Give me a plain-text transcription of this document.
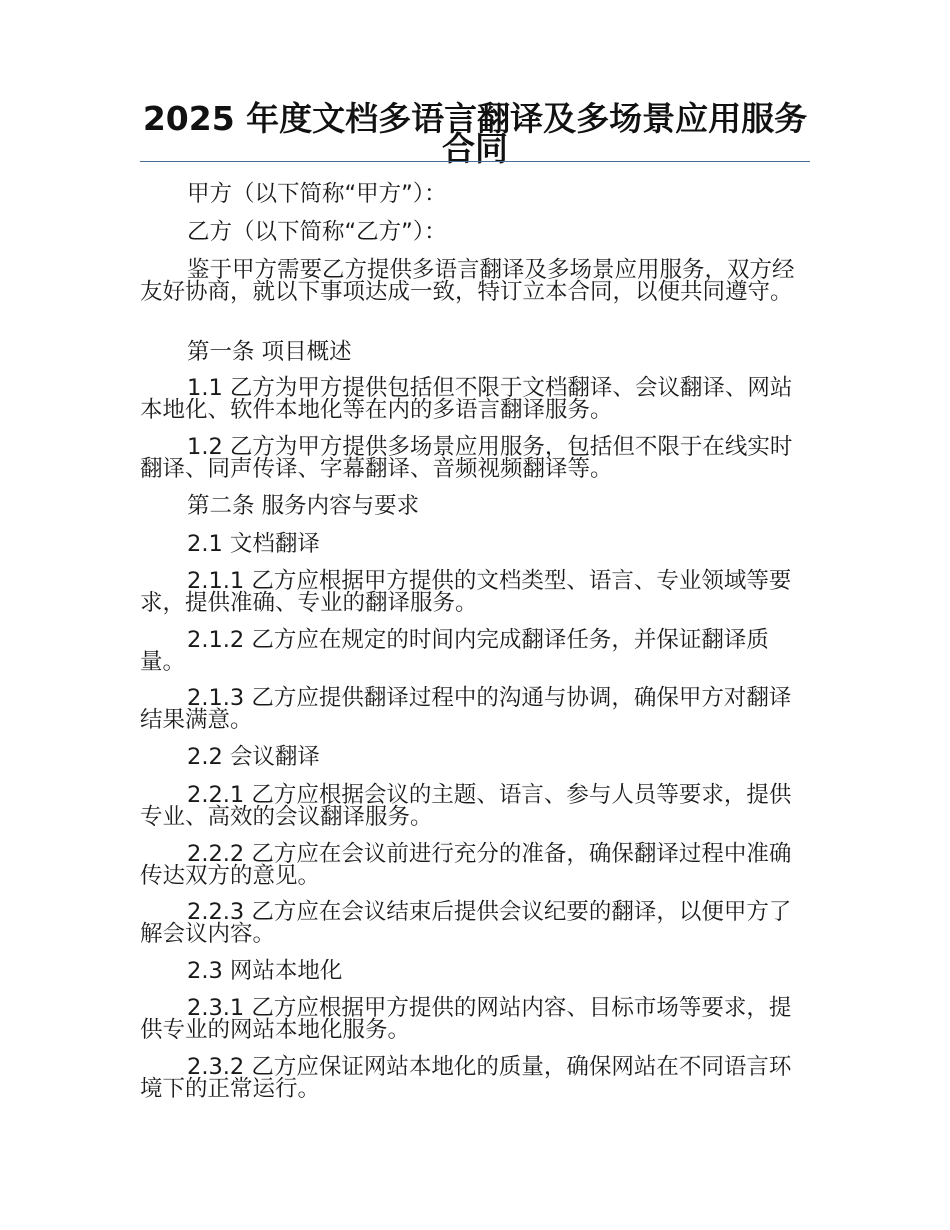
2025 年度文档多语言翻译及多场景应用服务合同

甲方（以下简称“甲方”）：

乙方（以下简称“乙方”）：

鉴于甲方需要乙方提供多语言翻译及多场景应用服务，双方经友好协商，就以下事项达成一致，特订立本合同，以便共同遵守。

第一条 项目概述

1.1 乙方为甲方提供包括但不限于文档翻译、会议翻译、网站本地化、软件本地化等在内的多语言翻译服务。

1.2 乙方为甲方提供多场景应用服务，包括但不限于在线实时翻译、同声传译、字幕翻译、音频视频翻译等。

第二条 服务内容与要求

2.1 文档翻译

2.1.1 乙方应根据甲方提供的文档类型、语言、专业领域等要求，提供准确、专业的翻译服务。

2.1.2 乙方应在规定的时间内完成翻译任务，并保证翻译质量。

2.1.3 乙方应提供翻译过程中的沟通与协调，确保甲方对翻译结果满意。

2.2 会议翻译

2.2.1 乙方应根据会议的主题、语言、参与人员等要求，提供专业、高效的会议翻译服务。

2.2.2 乙方应在会议前进行充分的准备，确保翻译过程中准确传达双方的意见。

2.2.3 乙方应在会议结束后提供会议纪要的翻译，以便甲方了解会议内容。

2.3 网站本地化

2.3.1 乙方应根据甲方提供的网站内容、目标市场等要求，提供专业的网站本地化服务。

2.3.2 乙方应保证网站本地化的质量，确保网站在不同语言环境下的正常运行。
